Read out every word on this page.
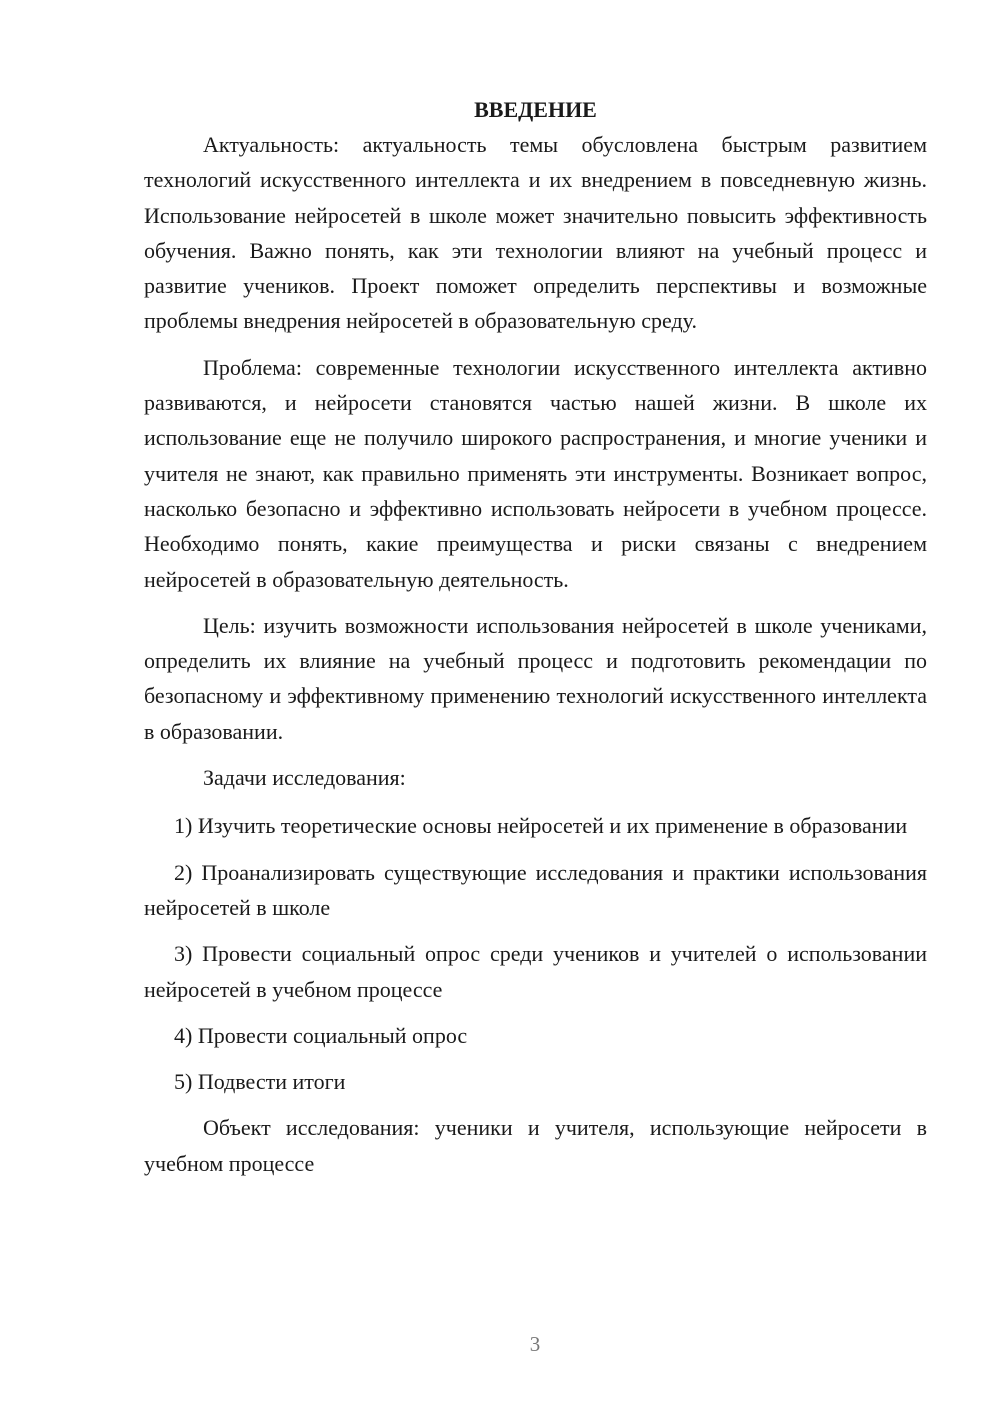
ВВЕДЕНИЕ

Актуальность: актуальность темы обусловлена быстрым развитием технологий искусственного интеллекта и их внедрением в повседневную жизнь. Использование нейросетей в школе может значительно повысить эффективность обучения. Важно понять, как эти технологии влияют на учебный процесс и развитие учеников. Проект поможет определить перспективы и возможные проблемы внедрения нейросетей в образовательную среду.

Проблема: современные технологии искусственного интеллекта активно развиваются, и нейросети становятся частью нашей жизни. В школе их использование еще не получило широкого распространения, и многие ученики и учителя не знают, как правильно применять эти инструменты. Возникает вопрос, насколько безопасно и эффективно использовать нейросети в учебном процессе. Необходимо понять, какие преимущества и риски связаны с внедрением нейросетей в образовательную деятельность.

Цель: изучить возможности использования нейросетей в школе учениками, определить их влияние на учебный процесс и подготовить рекомендации по безопасному и эффективному применению технологий искусственного интеллекта в образовании.

Задачи исследования:

1) Изучить теоретические основы нейросетей и их применение в образовании

2) Проанализировать существующие исследования и практики использования нейросетей в школе

3) Провести социальный опрос среди учеников и учителей о использовании нейросетей в учебном процессе

4) Провести социальный опрос

5) Подвести итоги

Объект исследования: ученики и учителя, использующие нейросети в учебном процессе

3
